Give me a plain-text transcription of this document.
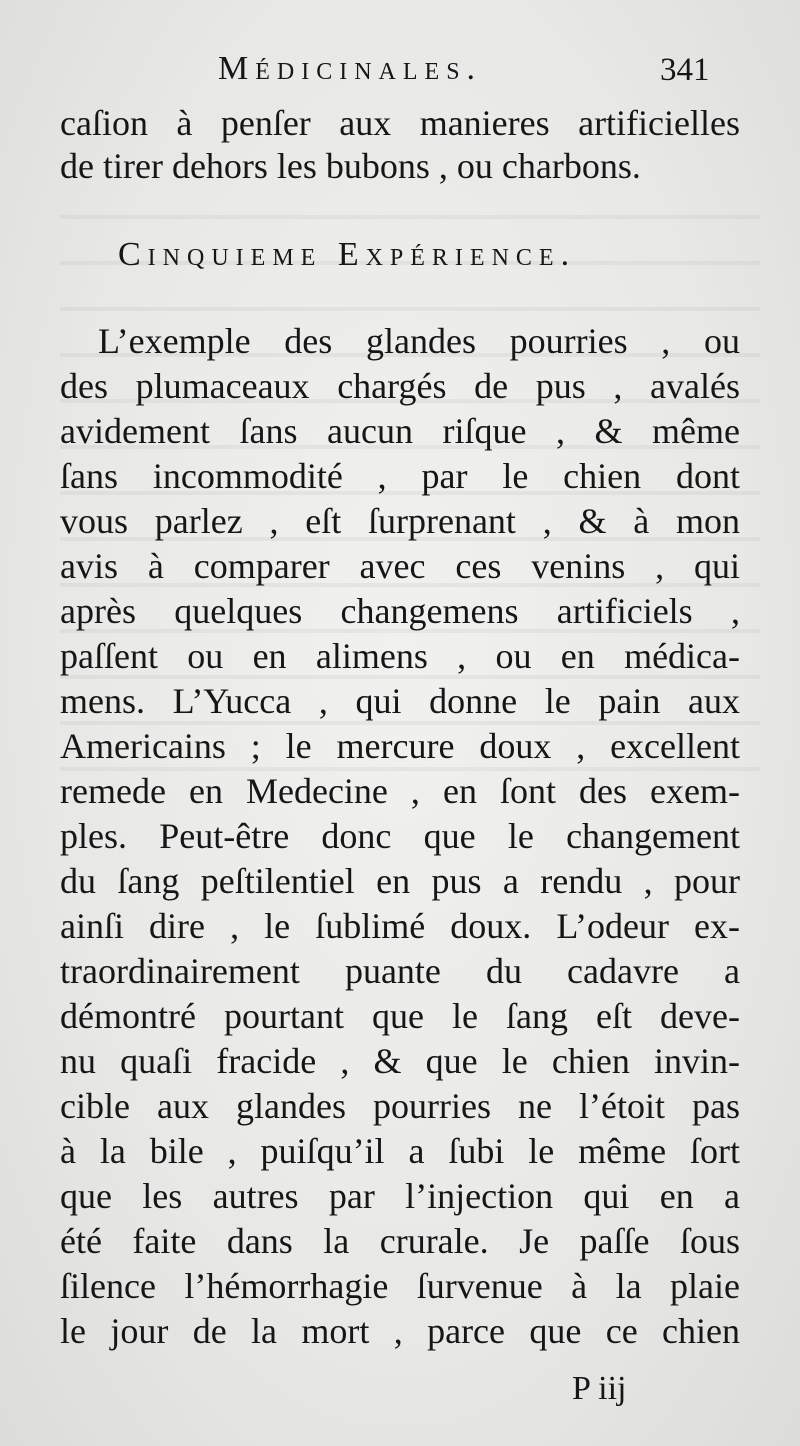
Médicinales.	341
caſion à penſer aux manieres artificielles
de tirer dehors les bubons , ou charbons.
Cinquieme Expérience.
L’exemple des glandes pourries , ou
des plumaceaux chargés de pus , avalés
avidement ſans aucun riſque , & même
ſans incommodité , par le chien dont
vous parlez , eſt ſurprenant , & à mon
avis à comparer avec ces venins , qui
après quelques changemens artificiels ,
paſſent ou en alimens , ou en médica-
mens. L’Yucca , qui donne le pain aux
Americains ; le mercure doux , excellent
remede en Medecine , en ſont des exem-
ples. Peut-être donc que le changement
du ſang peſtilentiel en pus a rendu , pour
ainſi dire , le ſublimé doux. L’odeur ex-
traordinairement puante du cadavre a
démontré pourtant que le ſang eſt deve-
nu quaſi fracide , & que le chien invin-
cible aux glandes pourries ne l’étoit pas
à la bile , puiſqu’il a ſubi le même ſort
que les autres par l’injection qui en a
été faite dans la crurale. Je paſſe ſous
ſilence l’hémorrhagie ſurvenue à la plaie
le jour de la mort , parce que ce chien
P iij
